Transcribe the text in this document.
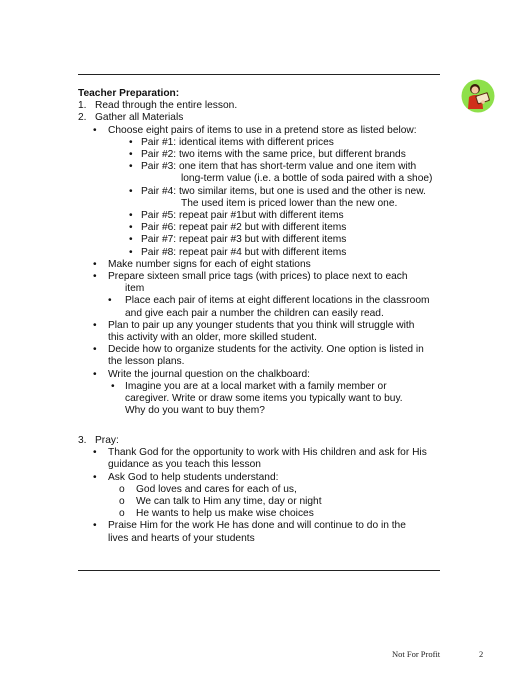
Teacher Preparation:
1. Read through the entire lesson.
2. Gather all Materials
• Choose eight pairs of items to use in a pretend store as listed below:
• Pair #1: identical items with different prices
• Pair #2: two items with the same price, but different brands
• Pair #3: one item that has short-term value and one item with
long-term value (i.e. a bottle of soda paired with a shoe)
• Pair #4: two similar items, but one is used and the other is new.
The used item is priced lower than the new one.
• Pair #5: repeat pair #1but with different items
• Pair #6: repeat pair #2 but with different items
• Pair #7: repeat pair #3 but with different items
• Pair #8: repeat pair #4 but with different items
• Make number signs for each of eight stations
• Prepare sixteen small price tags (with prices) to place next to each
item
• Place each pair of items at eight different locations in the classroom
and give each pair a number the children can easily read.
• Plan to pair up any younger students that you think will struggle with
this activity with an older, more skilled student.
• Decide how to organize students for the activity. One option is listed in
the lesson plans.
• Write the journal question on the chalkboard:
• Imagine you are at a local market with a family member or
caregiver. Write or draw some items you typically want to buy.
Why do you want to buy them?
3. Pray:
• Thank God for the opportunity to work with His children and ask for His
guidance as you teach this lesson
• Ask God to help students understand:
o God loves and cares for each of us,
o We can talk to Him any time, day or night
o He wants to help us make wise choices
• Praise Him for the work He has done and will continue to do in the
lives and hearts of your students
Not For Profit	2
